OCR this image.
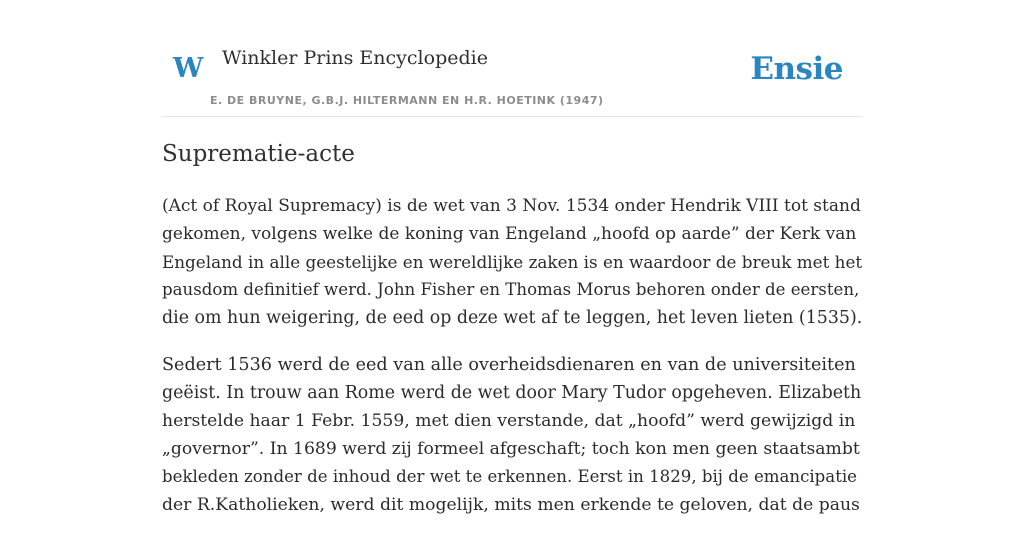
W Winkler Prins Encyclopedie
E. DE BRUYNE, G.B.J. HILTERMANN EN H.R. HOETINK (1947)
Ensie
Suprematie-acte

(Act of Royal Supremacy) is de wet van 3 Nov. 1534 onder Hendrik VIII tot stand
gekomen, volgens welke de koning van Engeland „hoofd op aarde” der Kerk van
Engeland in alle geestelijke en wereldlijke zaken is en waardoor de breuk met het
pausdom definitief werd. John Fisher en Thomas Morus behoren onder de eersten,
die om hun weigering, de eed op deze wet af te leggen, het leven lieten (1535).

Sedert 1536 werd de eed van alle overheidsdienaren en van de universiteiten
geëist. In trouw aan Rome werd de wet door Mary Tudor opgeheven. Elizabeth
herstelde haar 1 Febr. 1559, met dien verstande, dat „hoofd” werd gewijzigd in
„governor”. In 1689 werd zij formeel afgeschaft; toch kon men geen staatsambt
bekleden zonder de inhoud der wet te erkennen. Eerst in 1829, bij de emancipatie
der R.Katholieken, werd dit mogelijk, mits men erkende te geloven, dat de paus
